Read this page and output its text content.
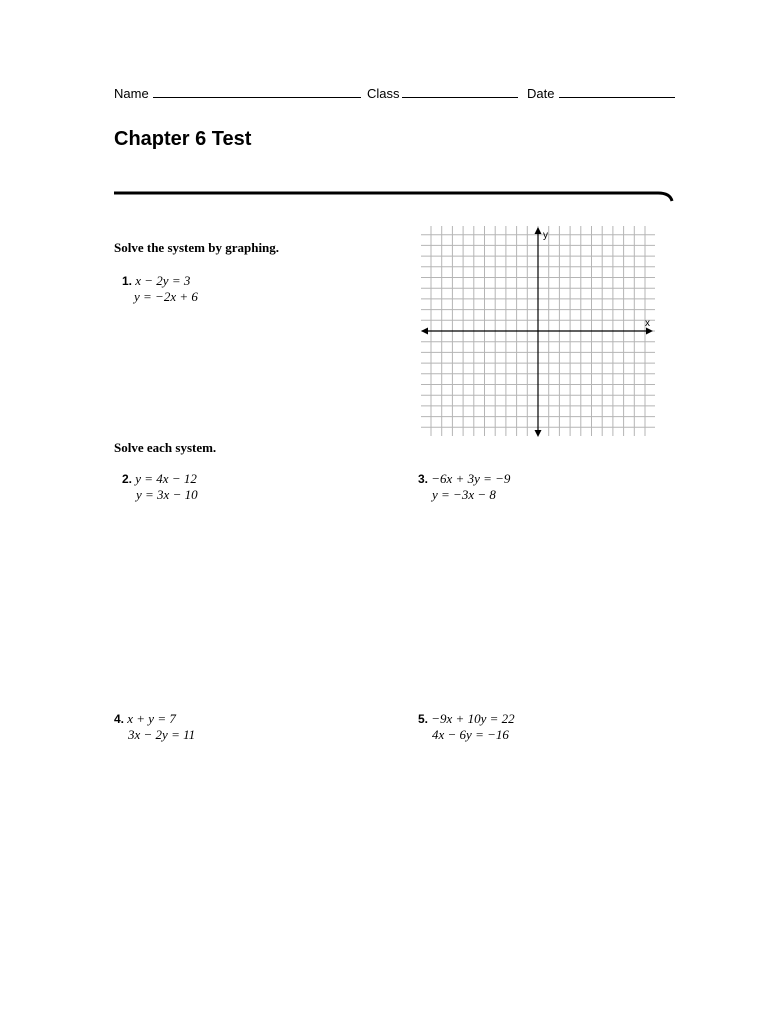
Name	Class	Date
Chapter 6 Test
Solve the system by graphing.
1. x − 2y = 3
y = −2x + 6
x
y
Solve each system.
2. y = 4x − 12
y = 3x − 10
3. −6x + 3y = −9
y = −3x − 8
4. x + y = 7
3x − 2y = 11
5. −9x + 10y = 22
4x − 6y = −16
